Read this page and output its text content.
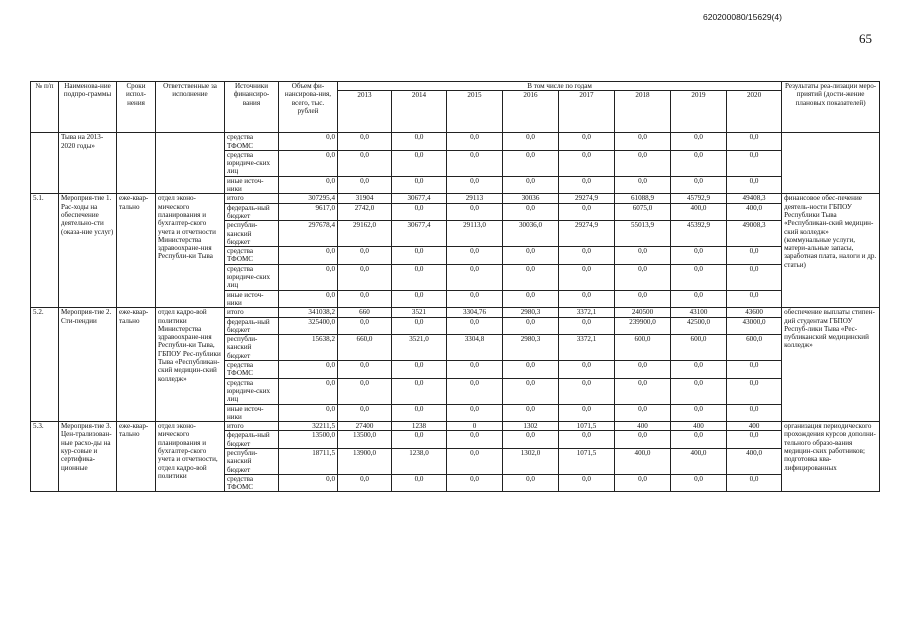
620200080/15629(4)
65
№ п/п	Наименова-ние подпро-граммы	Сроки испол-нения	Ответственные за исполнение	Источники финансиро-вания	Объем фи-нансирова-ния, всего, тыс. рублей	В том числе по годам								Результаты реа-лизации меро-приятий (дости-жение плановых показателей)
						2013	2014	2015	2016	2017	2018	2019	2020	
	Тыва на 2013-2020 годы»			средства ТФОМС	0,0	0,0	0,0	0,0	0,0	0,0	0,0	0,0	0,0	
				средства юридиче-ских лиц	0,0	0,0	0,0	0,0	0,0	0,0	0,0	0,0	0,0	
				иные источ-ники	0,0	0,0	0,0	0,0	0,0	0,0	0,0	0,0	0,0	
5.1.	Мероприя-тие 1. Рас-ходы на обеспечение деятельно-сти (оказа-ние услуг)	еже-квар-тально	отдел эконо-мического планирования и бухгалтер-ского учета и отчетности Министерства здравоохране-ния Республи-ки Тыва	итого	307295,4	31904	30677,4	29113	30036	29274,9	61088,9	45792,9	49408,3	финансовое обес-печение деятель-ности ГБПОУ Республики Тыва «Республикан-ский медицин-ский колледж» (коммунальные услуги, матери-альные запасы, заработная плата, налоги и др. статьи)
				федераль-ный бюджет	9617,0	2742,0	0,0	0,0	0,0	0,0	6075,0	400,0	400,0	
				республи-канский бюджет	297678,4	29162,0	30677,4	29113,0	30036,0	29274,9	55013,9	45392,9	49008,3	
				средства ТФОМС	0,0	0,0	0,0	0,0	0,0	0,0	0,0	0,0	0,0	
				средства юридиче-ских лиц	0,0	0,0	0,0	0,0	0,0	0,0	0,0	0,0	0,0	
				иные источ-ники	0,0	0,0	0,0	0,0	0,0	0,0	0,0	0,0	0,0	
5.2.	Мероприя-тие 2. Сти-пендии	еже-квар-тально	отдел кадро-вой политики Министерства здравоохране-ния Республи-ки Тыва, ГБПОУ Рес-публики Тыва «Республикан-ский медицин-ский колледж»	итого	341038,2	660	3521	3304,76	2980,3	3372,1	240500	43100	43600	обеспечение выплаты стипен-дий студентам ГБПОУ Респуб-лики Тыва «Рес-публиканский медицинский колледж»
				федераль-ный бюджет	325400,0	0,0	0,0	0,0	0,0	0,0	239900,0	42500,0	43000,0	
				республи-канский бюджет	15638,2	660,0	3521,0	3304,8	2980,3	3372,1	600,0	600,0	600,0	
				средства ТФОМС	0,0	0,0	0,0	0,0	0,0	0,0	0,0	0,0	0,0	
				средства юридиче-ских лиц	0,0	0,0	0,0	0,0	0,0	0,0	0,0	0,0	0,0	
				иные источ-ники	0,0	0,0	0,0	0,0	0,0	0,0	0,0	0,0	0,0	
5.3.	Мероприя-тие 3. Цен-трализован-ные расхо-ды на кур-совые и сертифика-ционные	еже-квар-тально	отдел эконо-мического планирования и бухгалтер-ского учета и отчетности, отдел кадро-вой политики	итого	32211,5	27400	1238	0	1302	1071,5	400	400	400	организация периодического прохождения курсов дополни-тельного образо-вания медицин-ских работников; подготовка ква-лифицированных
				федераль-ный бюджет	13500,0	13500,0	0,0	0,0	0,0	0,0	0,0	0,0	0,0	
				республи-канский бюджет	18711,5	13900,0	1238,0	0,0	1302,0	1071,5	400,0	400,0	400,0	
				средства ТФОМС	0,0	0,0	0,0	0,0	0,0	0,0	0,0	0,0	0,0	
